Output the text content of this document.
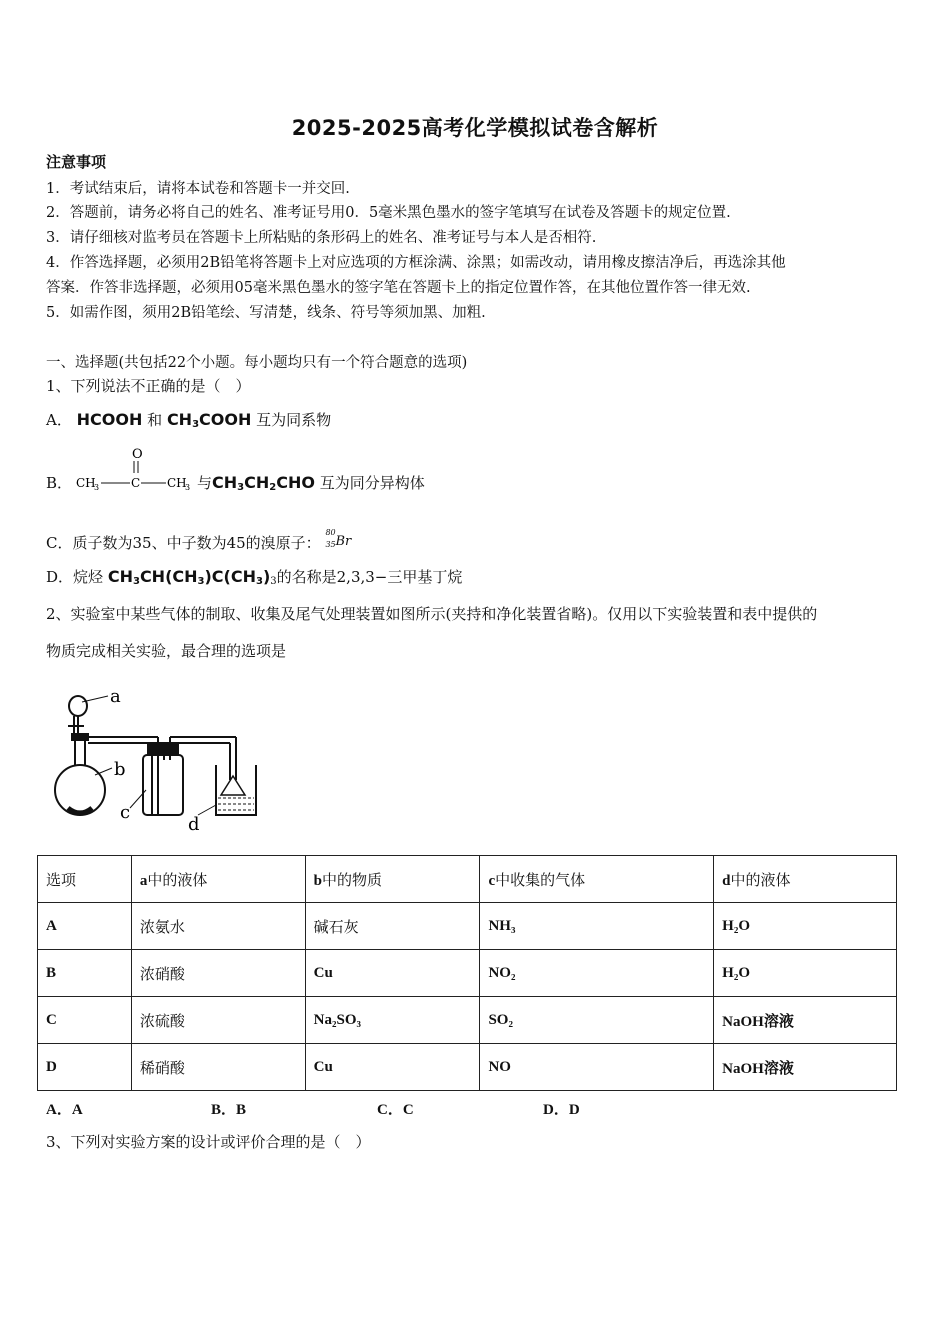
2025-2025高考化学模拟试卷含解析
注意事项
1．考试结束后，请将本试卷和答题卡一并交回.
2．答题前，请务必将自己的姓名、准考证号用0．5毫米黑色墨水的签字笔填写在试卷及答题卡的规定位置.
3．请仔细核对监考员在答题卡上所粘贴的条形码上的姓名、准考证号与本人是否相符.
4．作答选择题，必须用2B铅笔将答题卡上对应选项的方框涂满、涂黑；如需改动，请用橡皮擦洁净后，再选涂其他
答案．作答非选择题，必须用05毫米黑色墨水的签字笔在答题卡上的指定位置作答，在其他位置作答一律无效.
5．如需作图，须用2B铅笔绘、写清楚，线条、符号等须加黑、加粗.
一、选择题(共包括22个小题。每小题均只有一个符合题意的选项)
1、下列说法不正确的是（　）
A． HCOOH 和 $CH_3COOH$ 互为同系物
B．
O
CH
3	C CH
3 与$CH_3CH_2CHO$ 互为同分异构体
C．质子数为35、中子数为45的溴原子：
80
35 Br
D．烷烃 $CH_3CH(CH_3)C(CH_3)_3$的名称是2,3,3−三甲基丁烷
2、实验室中某些气体的制取、收集及尾气处理装置如图所示(夹持和净化装置省略)。仅用以下实验装置和表中提供的
物质完成相关实验，最合理的选项是
a
b
c
d
选项	a中的液体	b中的物质	c中收集的气体	d中的液体
A	浓氨水	碱石灰	NH₃	H₂O
B	浓硝酸	Cu	NO₂	H₂O
C	浓硫酸	Na₂SO₃	SO₂	NaOH溶液
D	稀硝酸	Cu	NO	NaOH溶液
A．A	B．B	C．C	D．D
3、下列对实验方案的设计或评价合理的是（　）
